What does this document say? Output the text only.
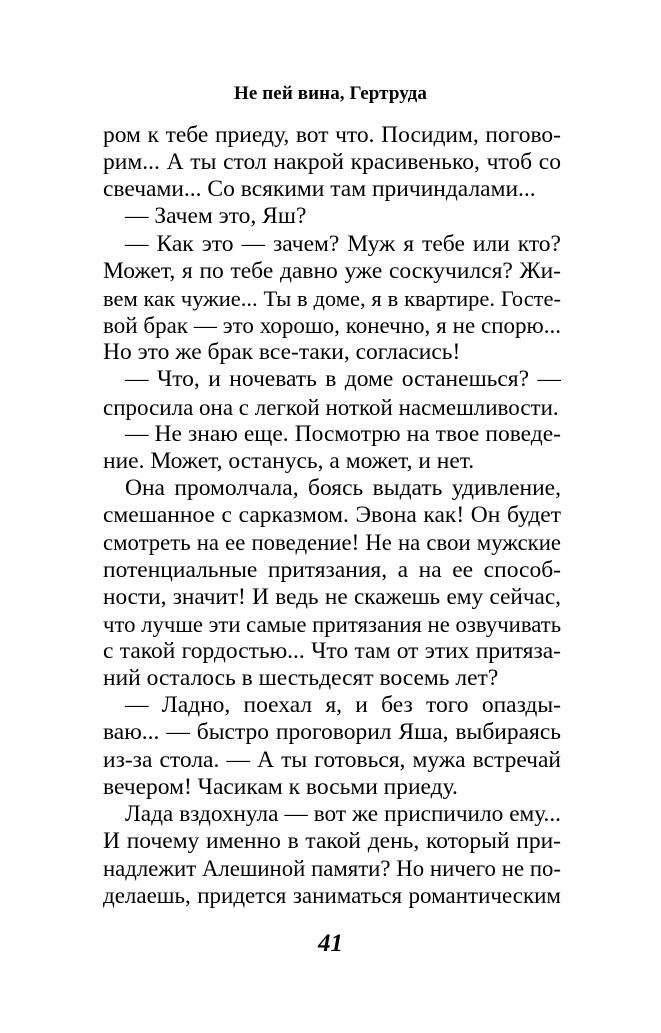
Не пей вина, Гертруда
ром к тебе приеду, вот что. Посидим, погово-
рим... А ты стол накрой красивенько, чтоб со
свечами... Со всякими там причиндалами...
— Зачем это, Яш?
— Как это — зачем? Муж я тебе или кто?
Может, я по тебе давно уже соскучился? Жи-
вем как чужие... Ты в доме, я в квартире. Госте-
вой брак — это хорошо, конечно, я не спорю...
Но это же брак все-таки, согласись!
— Что, и ночевать в доме останешься? —
спросила она с легкой ноткой насмешливости.
— Не знаю еще. Посмотрю на твое поведе-
ние. Может, останусь, а может, и нет.
Она промолчала, боясь выдать удивление,
смешанное с сарказмом. Эвона как! Он будет
смотреть на ее поведение! Не на свои мужские
потенциальные притязания, а на ее способ-
ности, значит! И ведь не скажешь ему сейчас,
что лучше эти самые притязания не озвучивать
с такой гордостью... Что там от этих притяза-
ний осталось в шестьдесят восемь лет?
— Ладно, поехал я, и без того опазды-
ваю... — быстро проговорил Яша, выбираясь
из-за стола. — А ты готовься, мужа встречай
вечером! Часикам к восьми приеду.
Лада вздохнула — вот же приспичило ему...
И почему именно в такой день, который при-
надлежит Алешиной памяти? Но ничего не по-
делаешь, придется заниматься романтическим
41
